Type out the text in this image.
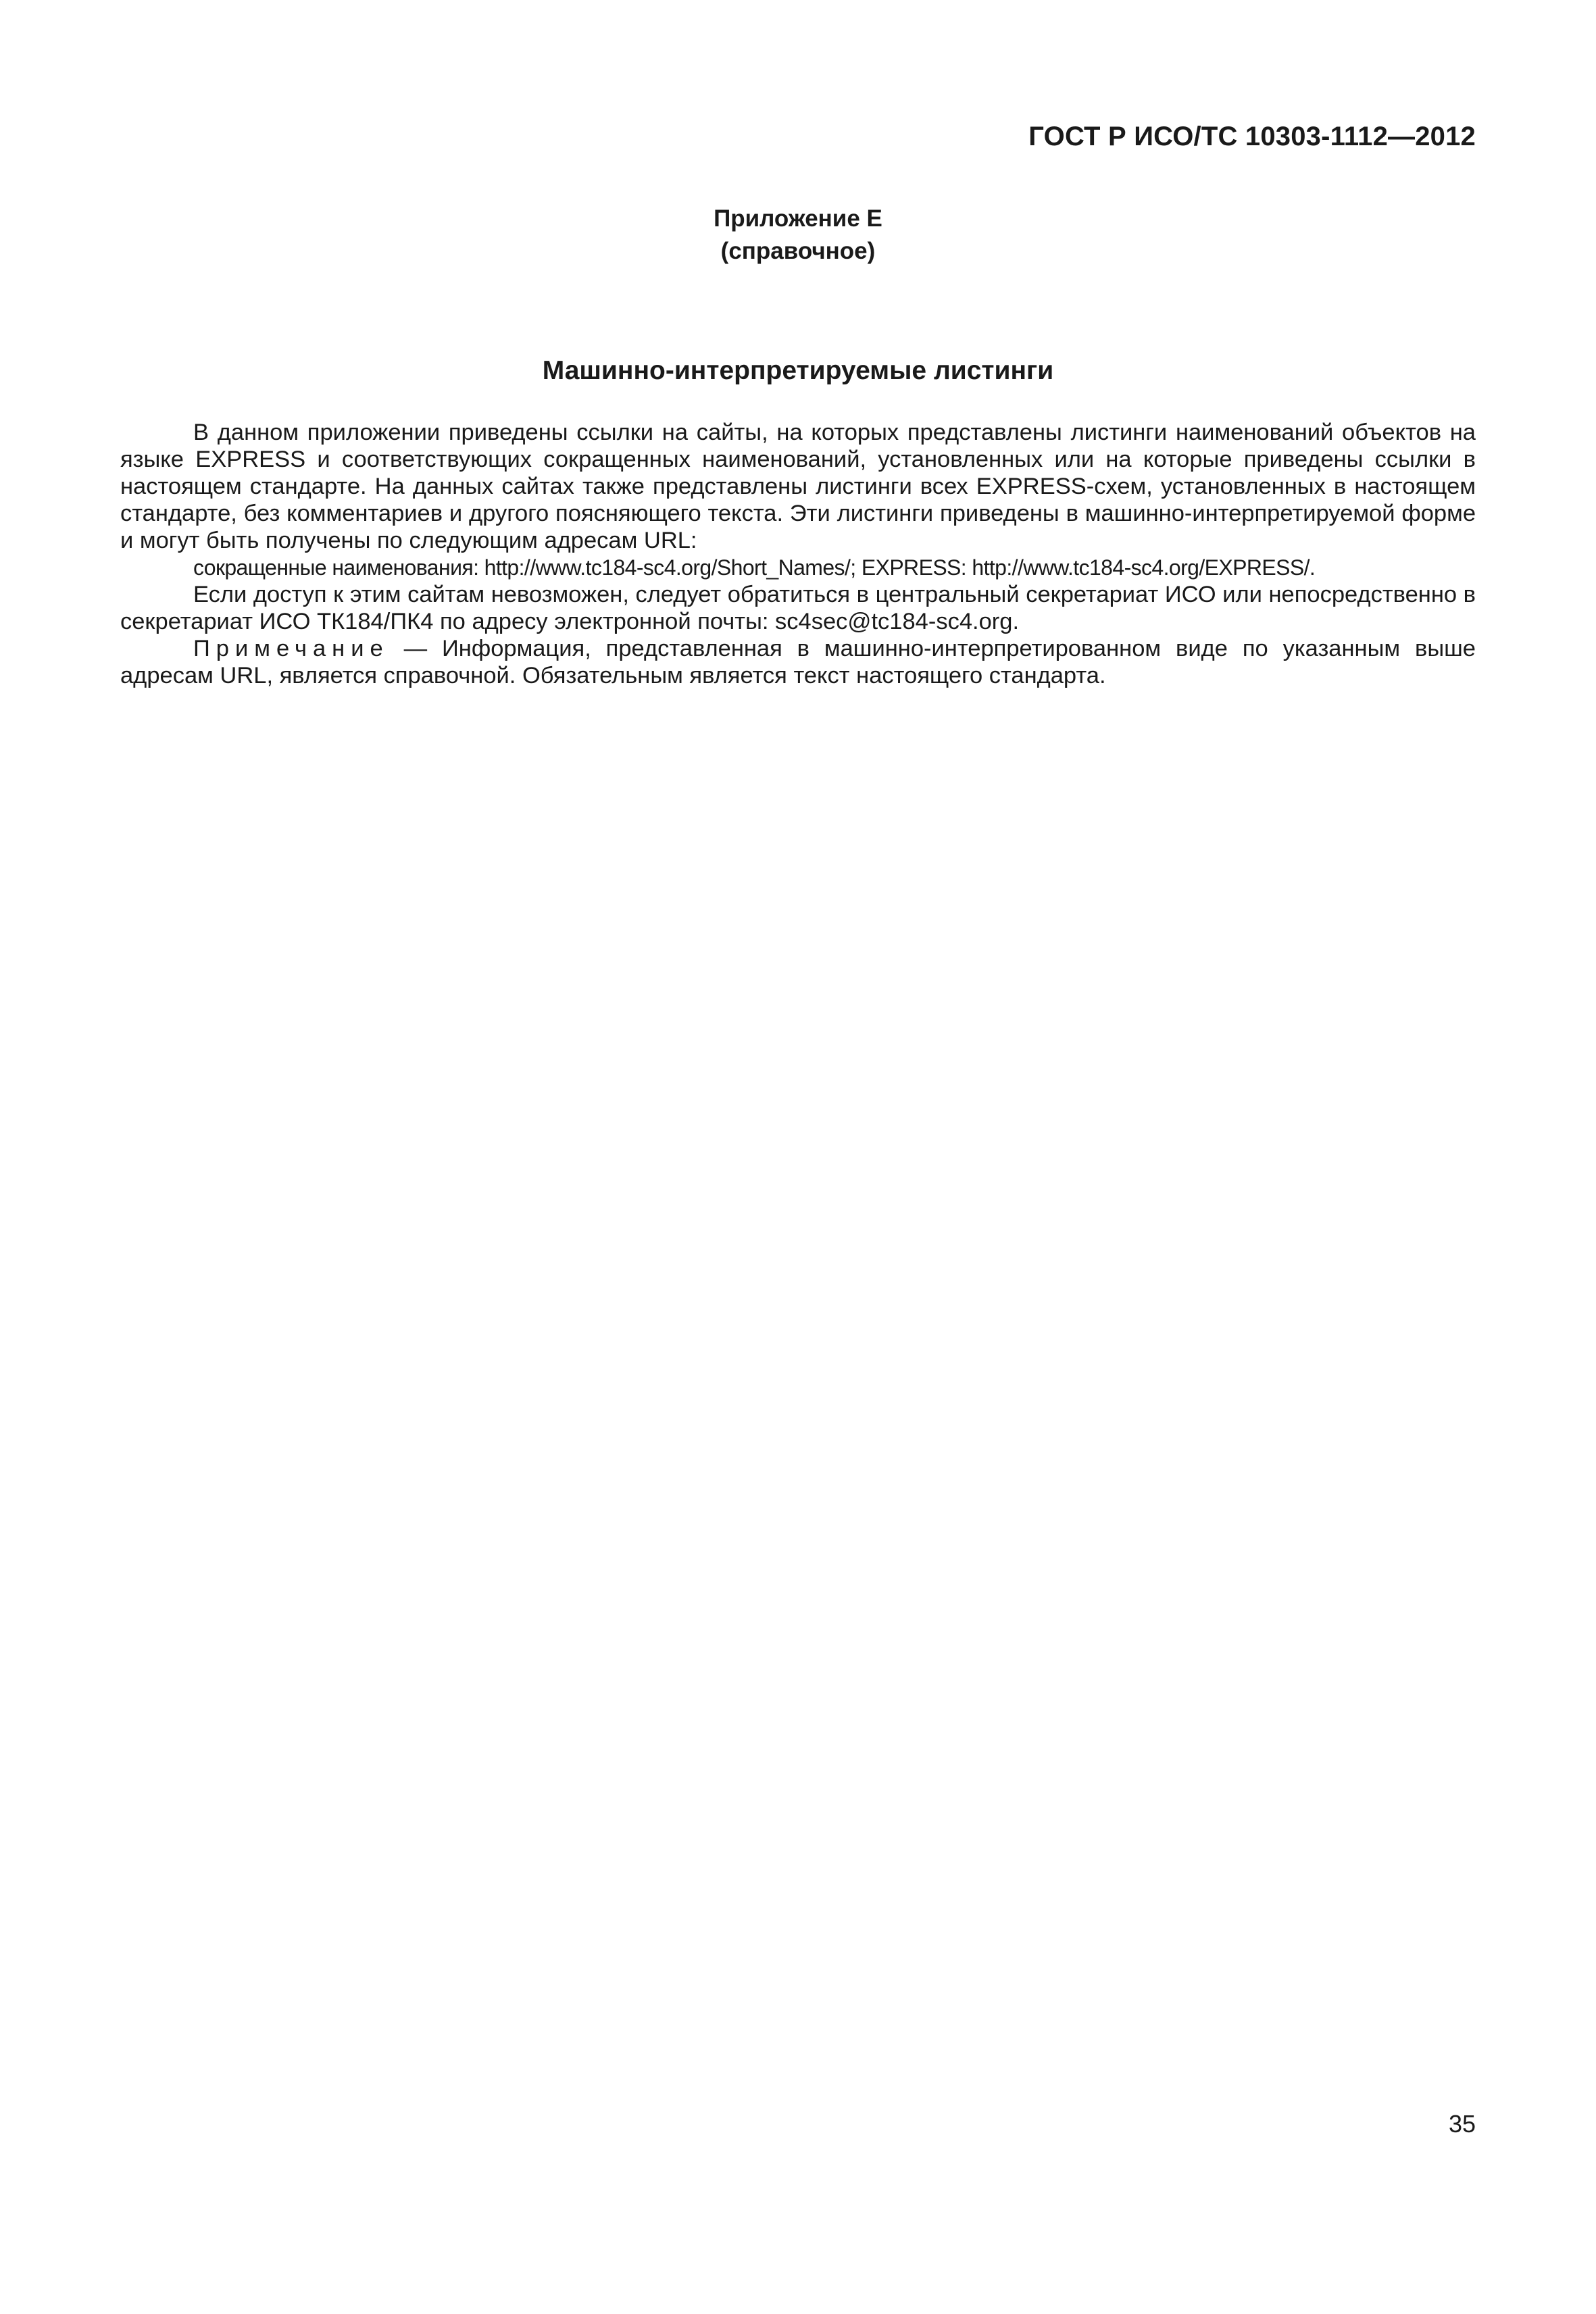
ГОСТ Р ИСО/ТС 10303-1112—2012
Приложение Е
(справочное)
Машинно-интерпретируемые листинги

В данном приложении приведены ссылки на сайты, на которых представлены листинги наименований объектов на языке EXPRESS и соответствующих сокращенных наименований, установленных или на которые приведены ссылки в настоящем стандарте. На данных сайтах также представлены листинги всех EXPRESS-схем, установленных в настоящем стандарте, без комментариев и другого поясняющего текста. Эти листинги приведены в машинно-интерпретируемой форме и могут быть получены по следующим адресам URL:

сокращенные наименования: http://www.tc184-sc4.org/Short_Names/; EXPRESS: http://www.tc184-sc4.org/EXPRESS/.

Если доступ к этим сайтам невозможен, следует обратиться в центральный секретариат ИСО или непосредственно в секретариат ИСО ТК184/ПК4 по адресу электронной почты: sc4sec@tc184-sc4.org.

Примечание — Информация, представленная в машинно-интерпретированном виде по указанным выше адресам URL, является справочной. Обязательным является текст настоящего стандарта.

35
